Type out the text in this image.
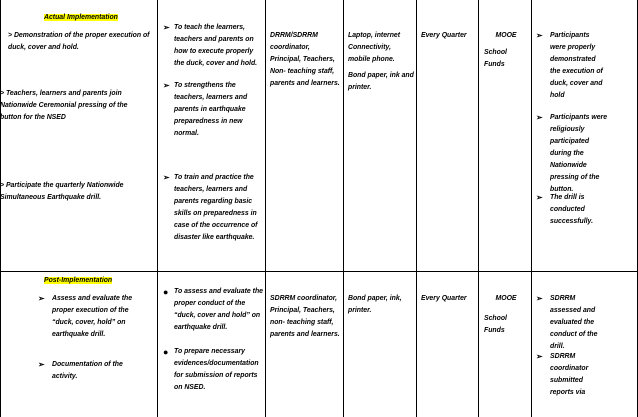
Actual Implementation
> Demonstration of the proper execution of duck, cover and hold.
> Teachers, learners and parents join Nationwide Ceremonial pressing of the button for the NSED
> Participate the quarterly Nationwide Simultaneous Earthquake drill.
➢ To teach the learners, teachers and parents on how to execute properly the duck, cover and hold.
➢ To strengthens the teachers, learners and parents in earthquake preparedness in new normal.
➢ To train and practice the teachers, learners and parents regarding basic skills on preparedness in case of the occurrence of disaster like earthquake.
DRRM/SDRRM coordinator, Principal, Teachers, Non- teaching staff, parents and learners.
Laptop, internet Connectivity, mobile phone.
Bond paper, ink and printer.
Every Quarter	MOOE
School Funds
➢ Participants were properly demonstrated the execution of duck, cover and hold
➢ Participants were religiously participated during the Nationwide pressing of the button.
➢ The drill is conducted successfully.
Post-Implementation
➢ Assess and evaluate the proper execution of the “duck, cover, hold” on earthquake drill.
➢ Documentation of the activity.
● To assess and evaluate the proper conduct of the “duck, cover and hold” on earthquake drill.
● To prepare necessary evidences/documentation for submission of reports on NSED.
SDRRM coordinator, Principal, Teachers, non- teaching staff, parents and learners.
Bond paper, ink, printer.
Every Quarter	MOOE
School Funds
➢ SDRRM assessed and evaluated the conduct of the drill.
➢ SDRRM coordinator submitted reports via
